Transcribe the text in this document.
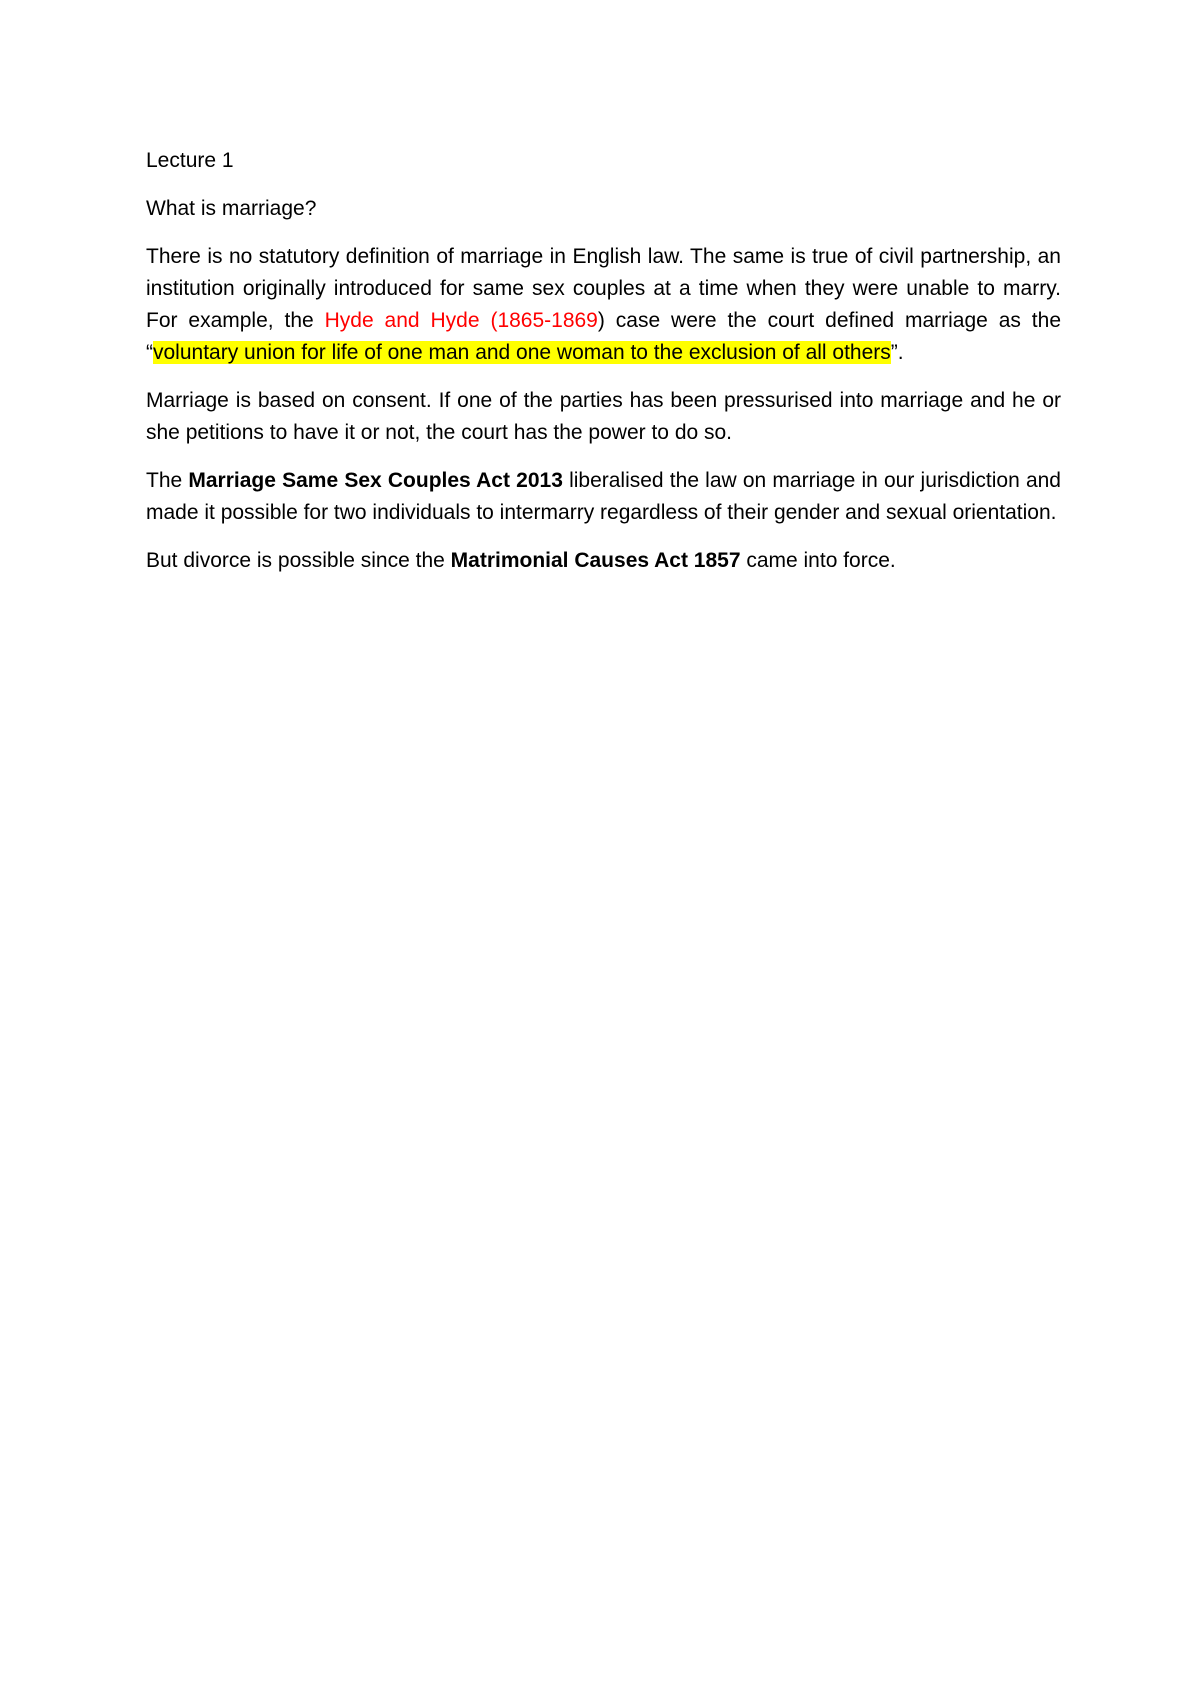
Lecture 1

What is marriage?

There is no statutory definition of marriage in English law. The same is true of civil partnership, an institution originally introduced for same sex couples at a time when they were unable to marry. For example, the Hyde and Hyde (1865-1869) case were the court defined marriage as the “voluntary union for life of one man and one woman to the exclusion of all others”.

Marriage is based on consent. If one of the parties has been pressurised into marriage and he or she petitions to have it or not, the court has the power to do so.

The Marriage Same Sex Couples Act 2013 liberalised the law on marriage in our jurisdiction and made it possible for two individuals to intermarry regardless of their gender and sexual orientation.

But divorce is possible since the Matrimonial Causes Act 1857 came into force.
